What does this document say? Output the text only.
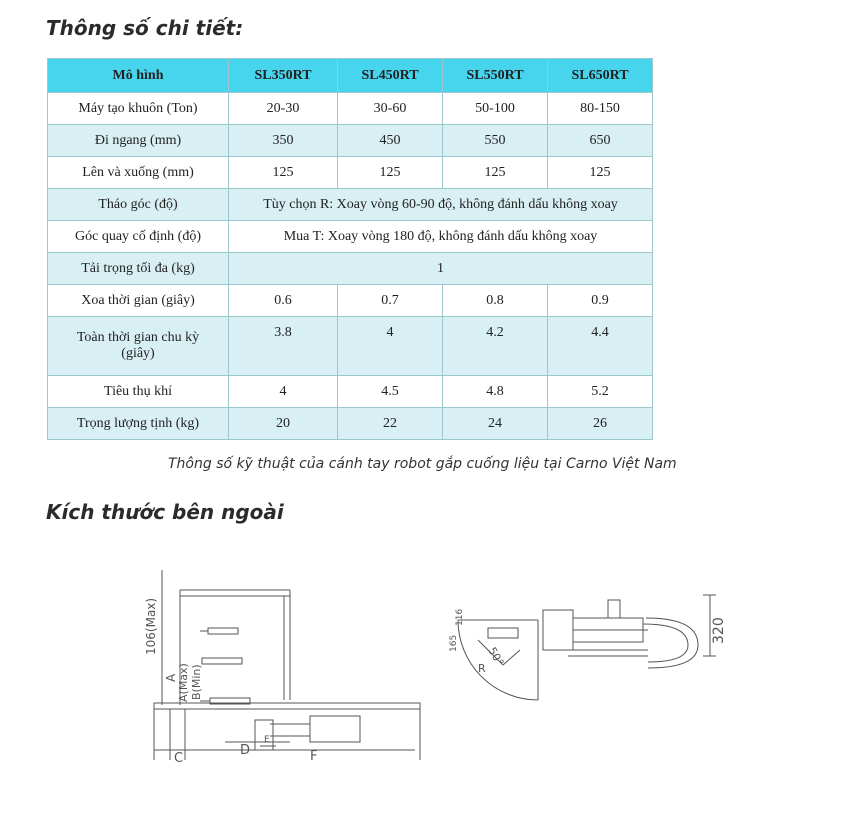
Thông số chi tiết:
Mô hình	SL350RT	SL450RT	SL550RT	SL650RT
Máy tạo khuôn (Ton)	20-30	30-60	50-100	80-150
Đi ngang (mm)	350	450	550	650
Lên và xuống (mm)	125	125	125	125
Tháo góc (độ)	Tùy chọn R: Xoay vòng 60-90 độ, không đánh dấu không xoay			
Góc quay cố định (độ)	Mua T: Xoay vòng 180 độ, không đánh dấu không xoay			
Tải trọng tối đa (kg)	1			
Xoa thời gian (giây)	0.6	0.7	0.8	0.9
Toàn thời gian chu kỳ
(giây)	3.8	4	4.2	4.4
Tiêu thụ khí	4	4.5	4.8	5.2
Trọng lượng tịnh (kg)	20	22	24	26
Thông số kỹ thuật của cánh tay robot gắp cuống liệu tại Carno Việt Nam
Kích thước bên ngoài
106(Max)
A A(Max) B(Min)
C
D
E
F
320
165
116
50°
R
